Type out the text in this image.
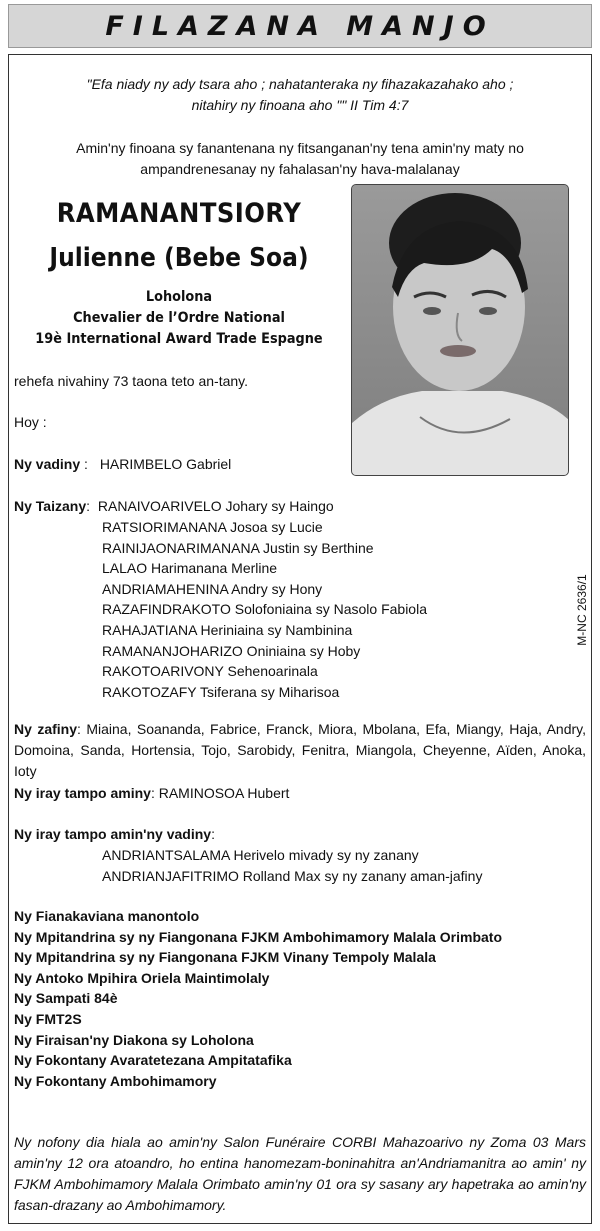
FILAZANA MANJO
"Efa niady ny ady tsara aho ; nahatanteraka ny fihazakazahako aho ;
nitahiry ny finoana aho "" II Tim 4:7
Amin'ny finoana sy fanantenana ny fitsanganan'ny tena amin'ny maty no
ampandrenesanay ny fahalasan'ny hava-malalanay
RAMANANTSIORY
Julienne (Bebe Soa)
Loholona
Chevalier de l’Ordre National
19è International Award Trade Espagne
rehefa nivahiny 73 taona teto an-tany.
Hoy :
Ny vadiny : HARIMBELO Gabriel
Ny Taizany: RANAIVOARIVELO Johary sy Haingo
RATSIORIMANANA Josoa sy Lucie
RAINIJAONARIMANANA Justin sy Berthine
LALAO Harimanana Merline
ANDRIAMAHENINA Andry sy Hony
RAZAFINDRAKOTO Solofoniaina sy Nasolo Fabiola
RAHAJATIANA Heriniaina sy Nambinina
RAMANANJOHARIZO Oniniaina sy Hoby
RAKOTOARIVONY Sehenoarinala
RAKOTOZAFY Tsiferana sy Miharisoa
Ny zafiny: Miaina, Soananda, Fabrice, Franck, Miora, Mbolana, Efa, Miangy, Haja, Andry, Domoina, Sanda, Hortensia, Tojo, Sarobidy, Fenitra, Miangola, Cheyenne, Aïden, Anoka, Ioty
Ny iray tampo aminy: RAMINOSOA Hubert
Ny iray tampo amin'ny vadiny:
ANDRIANTSALAMA Herivelo mivady sy ny zanany
ANDRIANJAFITRIMO Rolland Max sy ny zanany aman-jafiny
Ny Fianakaviana manontolo
Ny Mpitandrina sy ny Fiangonana FJKM Ambohimamory Malala Orimbato
Ny Mpitandrina sy ny Fiangonana FJKM Vinany Tempoly Malala
Ny Antoko Mpihira Oriela Maintimolaly
Ny Sampati 84è
Ny FMT2S
Ny Firaisan'ny Diakona sy Loholona
Ny Fokontany Avaratetezana Ampitatafika
Ny Fokontany Ambohimamory
Ny nofony dia hiala ao amin'ny Salon Funéraire CORBI Mahazoarivo ny Zoma 03 Mars amin'ny 12 ora atoandro, ho entina hanomezam-boninahitra an'Andriamanitra ao amin' ny FJKM Ambohimamory Malala Orimbato amin'ny 01 ora sy sasany ary hapetraka ao amin'ny fasan-drazany ao Ambohimamory.
M-NC 2636/1
